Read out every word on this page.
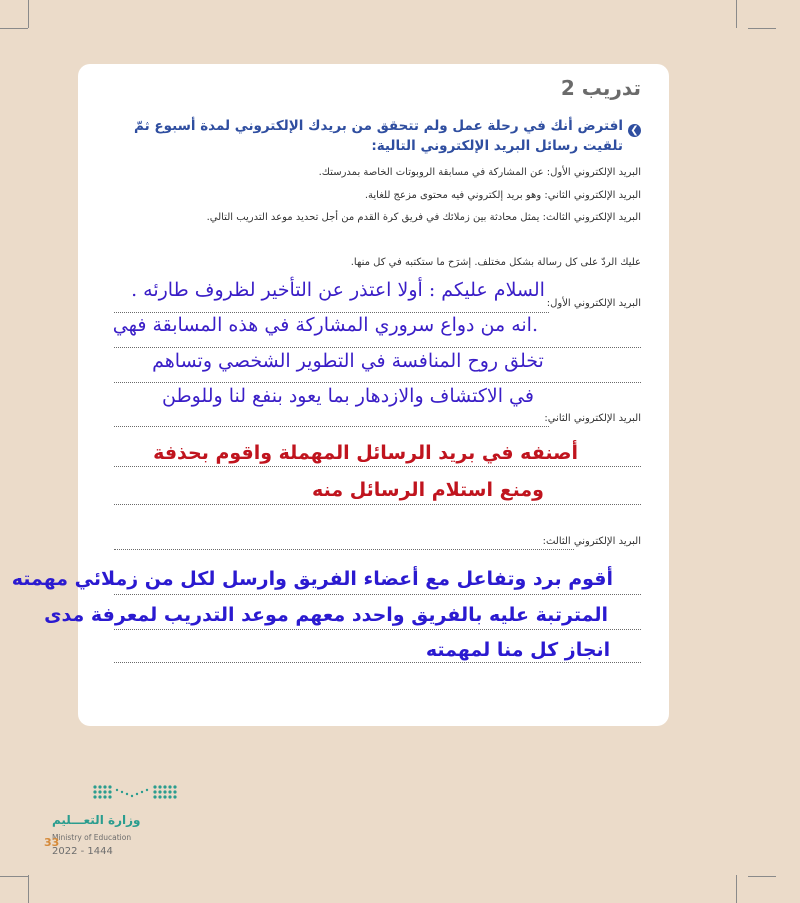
تدريب 2
❮
افترض أنك في رحلة عمل ولم تتحقق من بريدك الإلكتروني لمدة أسبوع ثمّ تلقيت رسائل البريد الإلكتروني التالية:
البريد الإلكتروني الأول: عن المشاركة في مسابقة الروبوتات الخاصة بمدرستك.
البريد الإلكتروني الثاني: وهو بريد إلكتروني فيه محتوى مزعج للغاية.
البريد الإلكتروني الثالث: يمثل محادثة بين زملائك في فريق كرة القدم من أجل تحديد موعد التدريب التالي.
عليك الردّ على كل رسالة بشكل مختلف. إشرَح ما ستكتبه في كل منها.
البريد الإلكتروني الأول:
البريد الإلكتروني الثاني:
السلام عليكم : أولا اعتذر عن التأخير لظروف طارئه .
.انه من دواع سروري المشاركة في هذه المسابقة فهي
تخلق روح المنافسة في التطوير الشخصي وتساهم
في الاكتشاف والازدهار بما يعود بنفع لنا وللوطن
أصنفه في بريد الرسائل المهملة واقوم بحذفة
ومنع استلام الرسائل منه
البريد الإلكتروني الثالث:
أقوم برد وتفاعل مع أعضاء الفريق وارسل لكل من زملائي مهمته
المترتبة عليه بالفريق واحدد معهم موعد التدريب لمعرفة مدى
انجاز كل منا لمهمته
وزارة التعـــليم
Ministry of Education
33
2022 - 1444
